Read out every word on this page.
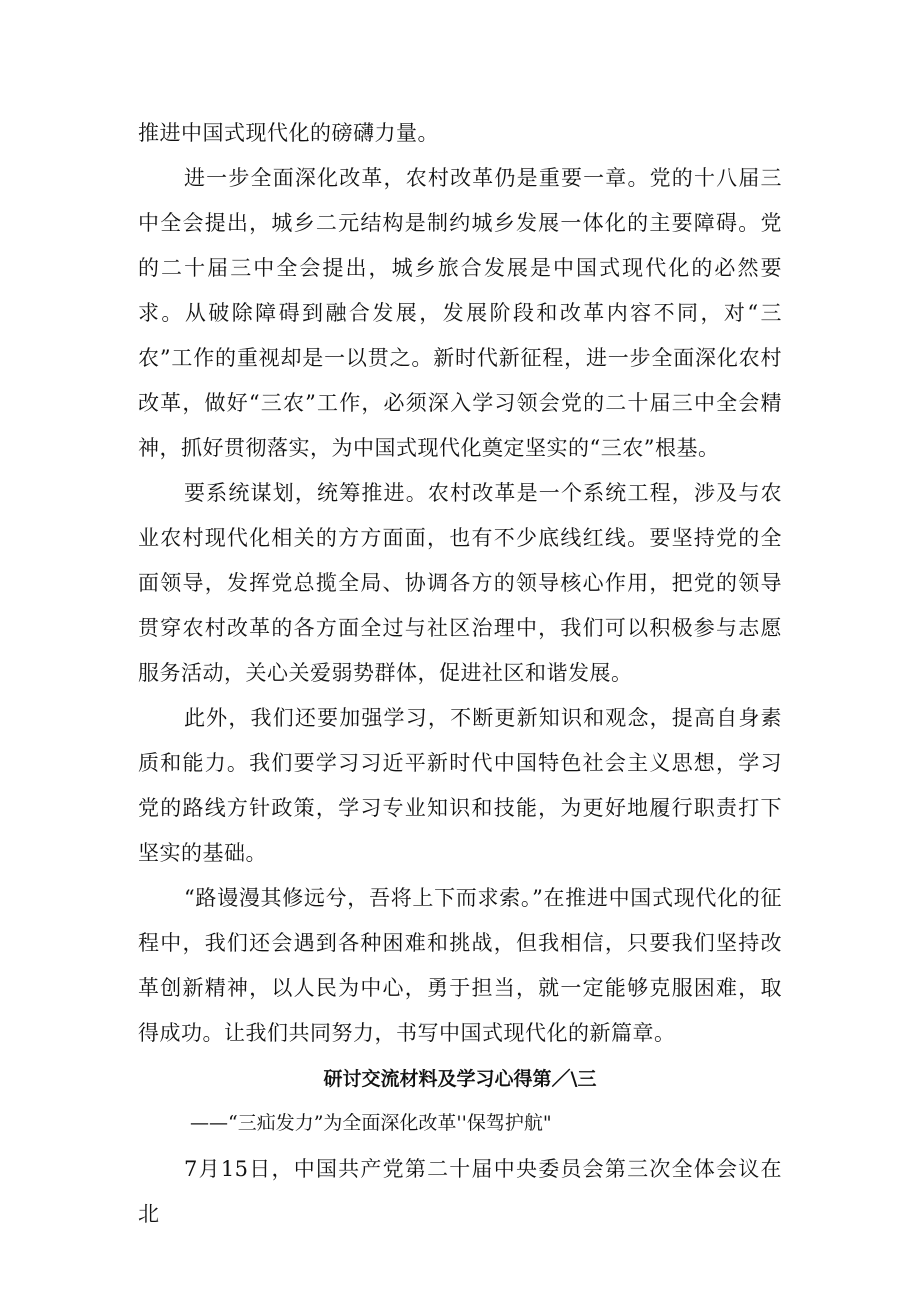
推进中国式现代化的磅礴力量。

进一步全面深化改革，农村改革仍是重要一章。党的十八届三中全会提出，城乡二元结构是制约城乡发展一体化的主要障碍。党的二十届三中全会提出，城乡旅合发展是中国式现代化的必然要求。从破除障碍到融合发展，发展阶段和改革内容不同，对“三农”工作的重视却是一以贯之。新时代新征程，进一步全面深化农村改革，做好“三农”工作，必须深入学习领会党的二十届三中全会精神，抓好贯彻落实，为中国式现代化奠定坚实的“三农”根基。

要系统谋划，统筹推进。农村改革是一个系统工程，涉及与农业农村现代化相关的方方面面，也有不少底线红线。要坚持党的全面领导，发挥党总揽全局、协调各方的领导核心作用，把党的领导贯穿农村改革的各方面全过与社区治理中，我们可以积极参与志愿服务活动，关心关爱弱势群体，促进社区和谐发展。

此外，我们还要加强学习，不断更新知识和观念，提高自身素质和能力。我们要学习习近平新时代中国特色社会主义思想，学习党的路线方针政策，学习专业知识和技能，为更好地履行职责打下坚实的基础。

“路谩漫其修远兮，吾将上下而求索。”在推进中国式现代化的征程中，我们还会遇到各种困难和挑战，但我相信，只要我们坚持改革创新精神，以人民为中心，勇于担当，就一定能够克服困难，取得成功。让我们共同努力，书写中国式现代化的新篇章。

研讨交流材料及学习心得第／\三

——“三疝发力”为全面深化改革''保驾护航"

7月15日，中国共产党第二十届中央委员会第三次全体会议在北
